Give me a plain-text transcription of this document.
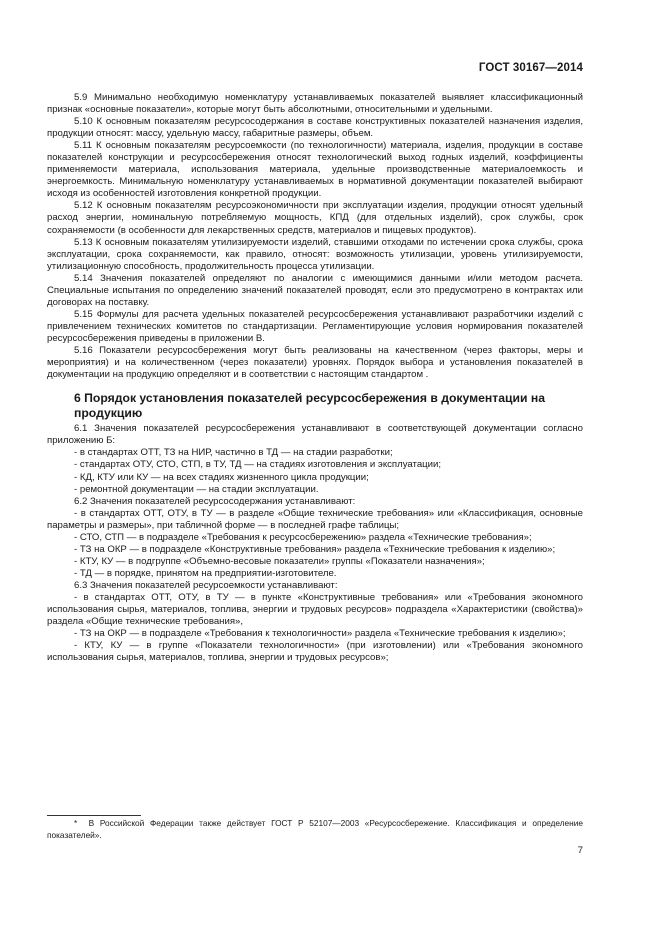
ГОСТ 30167—2014

5.9 Минимально необходимую номенклатуру устанавливаемых показателей выявляет классификационный признак «основные показатели», которые могут быть абсолютными, относительными и удельными.

5.10 К основным показателям ресурсосодержания в составе конструктивных показателей назначения изделия, продукции относят: массу, удельную массу, габаритные размеры, объем.

5.11 К основным показателям ресурсоемкости (по технологичности) материала, изделия, продукции в составе показателей конструкции и ресурсосбережения относят технологический выход годных изделий, коэффициенты применяемости материала, использования материала, удельные производственные материалоемкость и энергоемкость. Минимальную номенклатуру устанавливаемых в нормативной документации показателей выбирают исходя из особенностей изготовления конкретной продукции.

5.12 К основным показателям ресурсоэкономичности при эксплуатации изделия, продукции относят удельный расход энергии, номинальную потребляемую мощность, КПД (для отдельных изделий), срок службы, срок сохраняемости (в особенности для лекарственных средств, материалов и пищевых продуктов).

5.13 К основным показателям утилизируемости изделий, ставшими отходами по истечении срока службы, срока эксплуатации, срока сохраняемости, как правило, относят: возможность утилизации, уровень утилизируемости, утилизационную способность, продолжительность процесса утилизации.

5.14 Значения показателей определяют по аналогии с имеющимися данными и/или методом расчета. Специальные испытания по определению значений показателей проводят, если это предусмотрено в контрактах или договорах на поставку.

5.15 Формулы для расчета удельных показателей ресурсосбережения устанавливают разработчики изделий с привлечением технических комитетов по стандартизации. Регламентирующие условия нормирования показателей ресурсосбережения приведены в приложении В.

5.16 Показатели ресурсосбережения могут быть реализованы на качественном (через факторы, меры и мероприятия) и на количественном (через показатели) уровнях. Порядок выбора и установления показателей в документации на продукцию определяют и в соответствии с настоящим стандартом*.

6 Порядок установления показателей ресурсосбережения в документации на продукцию

6.1 Значения показателей ресурсосбережения устанавливают в соответствующей документации согласно приложению Б:

- в стандартах ОТТ, ТЗ на НИР, частично в ТД — на стадии разработки;

- стандартах ОТУ, СТО, СТП, в ТУ, ТД — на стадиях изготовления и эксплуатации;

- КД, КТУ или КУ — на всех стадиях жизненного цикла продукции;

- ремонтной документации — на стадии эксплуатации.

6.2 Значения показателей ресурсосодержания устанавливают:

- в стандартах ОТТ, ОТУ, в ТУ — в разделе «Общие технические требования» или «Классификация, основные параметры и размеры», при табличной форме — в последней графе таблицы;

- СТО, СТП — в подразделе «Требования к ресурсосбережению» раздела «Технические требования»;

- ТЗ на ОКР — в подразделе «Конструктивные требования» раздела «Технические требования к изделию»;

- КТУ, КУ — в подгруппе «Объемно-весовые показатели» группы «Показатели назначения»;

- ТД — в порядке, принятом на предприятии-изготовителе.

6.3 Значения показателей ресурсоемкости устанавливают:

- в стандартах ОТТ, ОТУ, в ТУ — в пункте «Конструктивные требования» или «Требования экономного использования сырья, материалов, топлива, энергии и трудовых ресурсов» подраздела «Характеристики (свойства)» раздела «Общие технические требования»,

- ТЗ на ОКР — в подразделе «Требования к технологичности» раздела «Технические требования к изделию»;

- КТУ, КУ — в группе «Показатели технологичности» (при изготовлении) или «Требования экономного использования сырья, материалов, топлива, энергии и трудовых ресурсов»;

* В Российской Федерации также действует ГОСТ Р 52107—2003 «Ресурсосбережение. Классификация и определение показателей».
7
